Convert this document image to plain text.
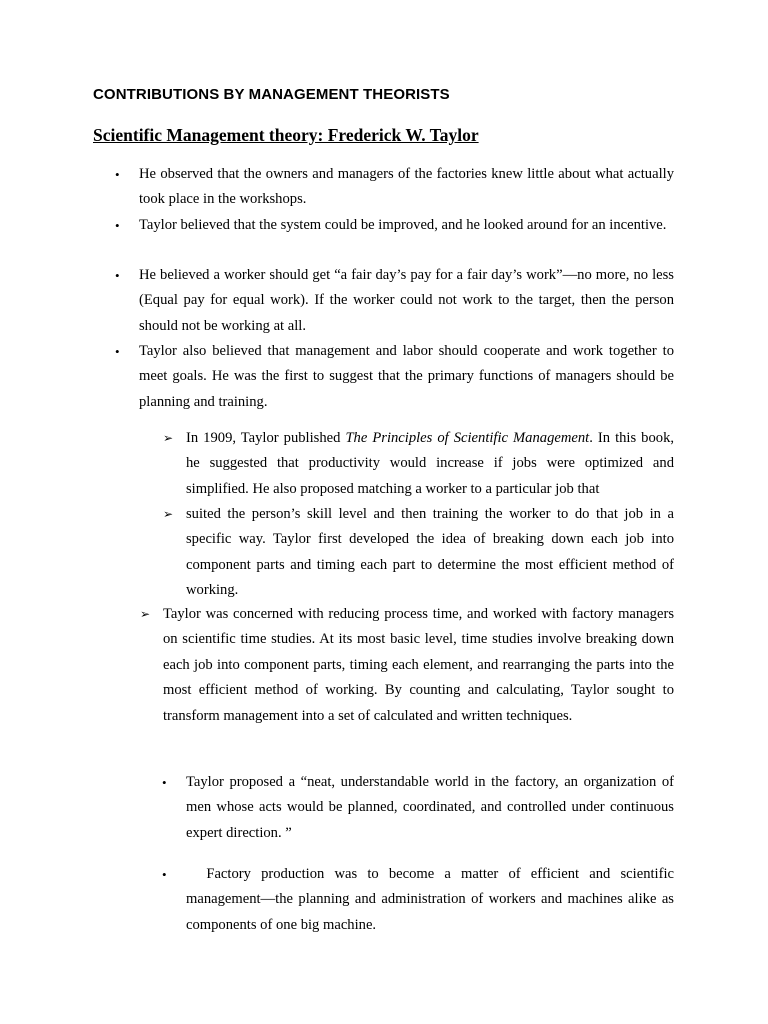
CONTRIBUTIONS BY MANAGEMENT THEORISTS
Scientific Management theory: Frederick W. Taylor
• He observed that the owners and managers of the factories knew little about what actually took place in the workshops.
• Taylor believed that the system could be improved, and he looked around for an incentive.
• He believed a worker should get “a fair day’s pay for a fair day’s work”—no more, no less (Equal pay for equal work). If the worker could not work to the target, then the person should not be working at all.
• Taylor also believed that management and labor should cooperate and work together to meet goals. He was the first to suggest that the primary functions of managers should be planning and training.
➢ In 1909, Taylor published The Principles of Scientific Management. In this book, he suggested that productivity would increase if jobs were optimized and simplified. He also proposed matching a worker to a particular job that
➢ suited the person’s skill level and then training the worker to do that job in a specific way. Taylor first developed the idea of breaking down each job into component parts and timing each part to determine the most efficient method of working.
➢ Taylor was concerned with reducing process time, and worked with factory managers on scientific time studies. At its most basic level, time studies involve breaking down each job into component parts, timing each element, and rearranging the parts into the most efficient method of working. By counting and calculating, Taylor sought to transform management into a set of calculated and written techniques.
• Taylor proposed a “neat, understandable world in the factory, an organization of men whose acts would be planned, coordinated, and controlled under continuous expert direction. ”
• Factory production was to become a matter of efficient and scientific management—the planning and administration of workers and machines alike as components of one big machine.
